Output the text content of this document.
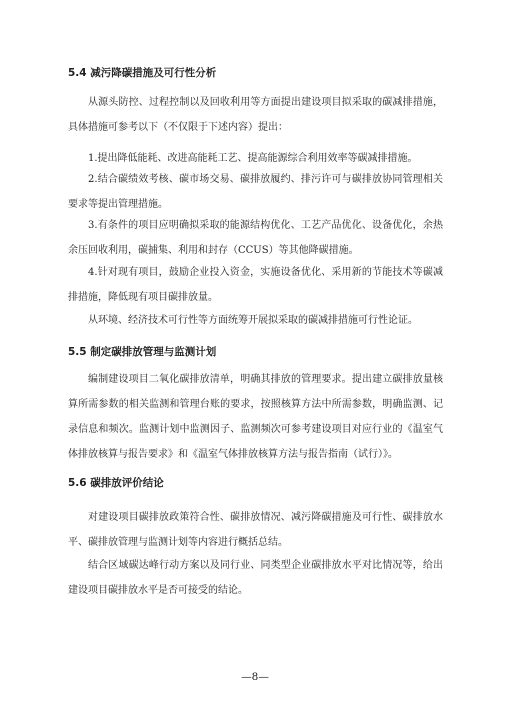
5.4 减污降碳措施及可行性分析

从源头防控、过程控制以及回收利用等方面提出建设项目拟采取的碳减排措施，具体措施可参考以下（不仅限于下述内容）提出：

1.提出降低能耗、改进高能耗工艺、提高能源综合利用效率等碳减排措施。

2.结合碳绩效考核、碳市场交易、碳排放履约、排污许可与碳排放协同管理相关要求等提出管理措施。

3.有条件的项目应明确拟采取的能源结构优化、工艺产品优化、设备优化，余热余压回收利用，碳捕集、利用和封存（CCUS）等其他降碳措施。

4.针对现有项目，鼓励企业投入资金，实施设备优化、采用新的节能技术等碳减排措施，降低现有项目碳排放量。

从环境、经济技术可行性等方面统筹开展拟采取的碳减排措施可行性论证。

5.5 制定碳排放管理与监测计划

编制建设项目二氧化碳排放清单，明确其排放的管理要求。提出建立碳排放量核算所需参数的相关监测和管理台账的要求，按照核算方法中所需参数，明确监测、记录信息和频次。监测计划中监测因子、监测频次可参考建设项目对应行业的《温室气体排放核算与报告要求》和《温室气体排放核算方法与报告指南（试行）》。

5.6 碳排放评价结论

对建设项目碳排放政策符合性、碳排放情况、减污降碳措施及可行性、碳排放水平、碳排放管理与监测计划等内容进行概括总结。

结合区域碳达峰行动方案以及同行业、同类型企业碳排放水平对比情况等，给出建设项目碳排放水平是否可接受的结论。

—8—
